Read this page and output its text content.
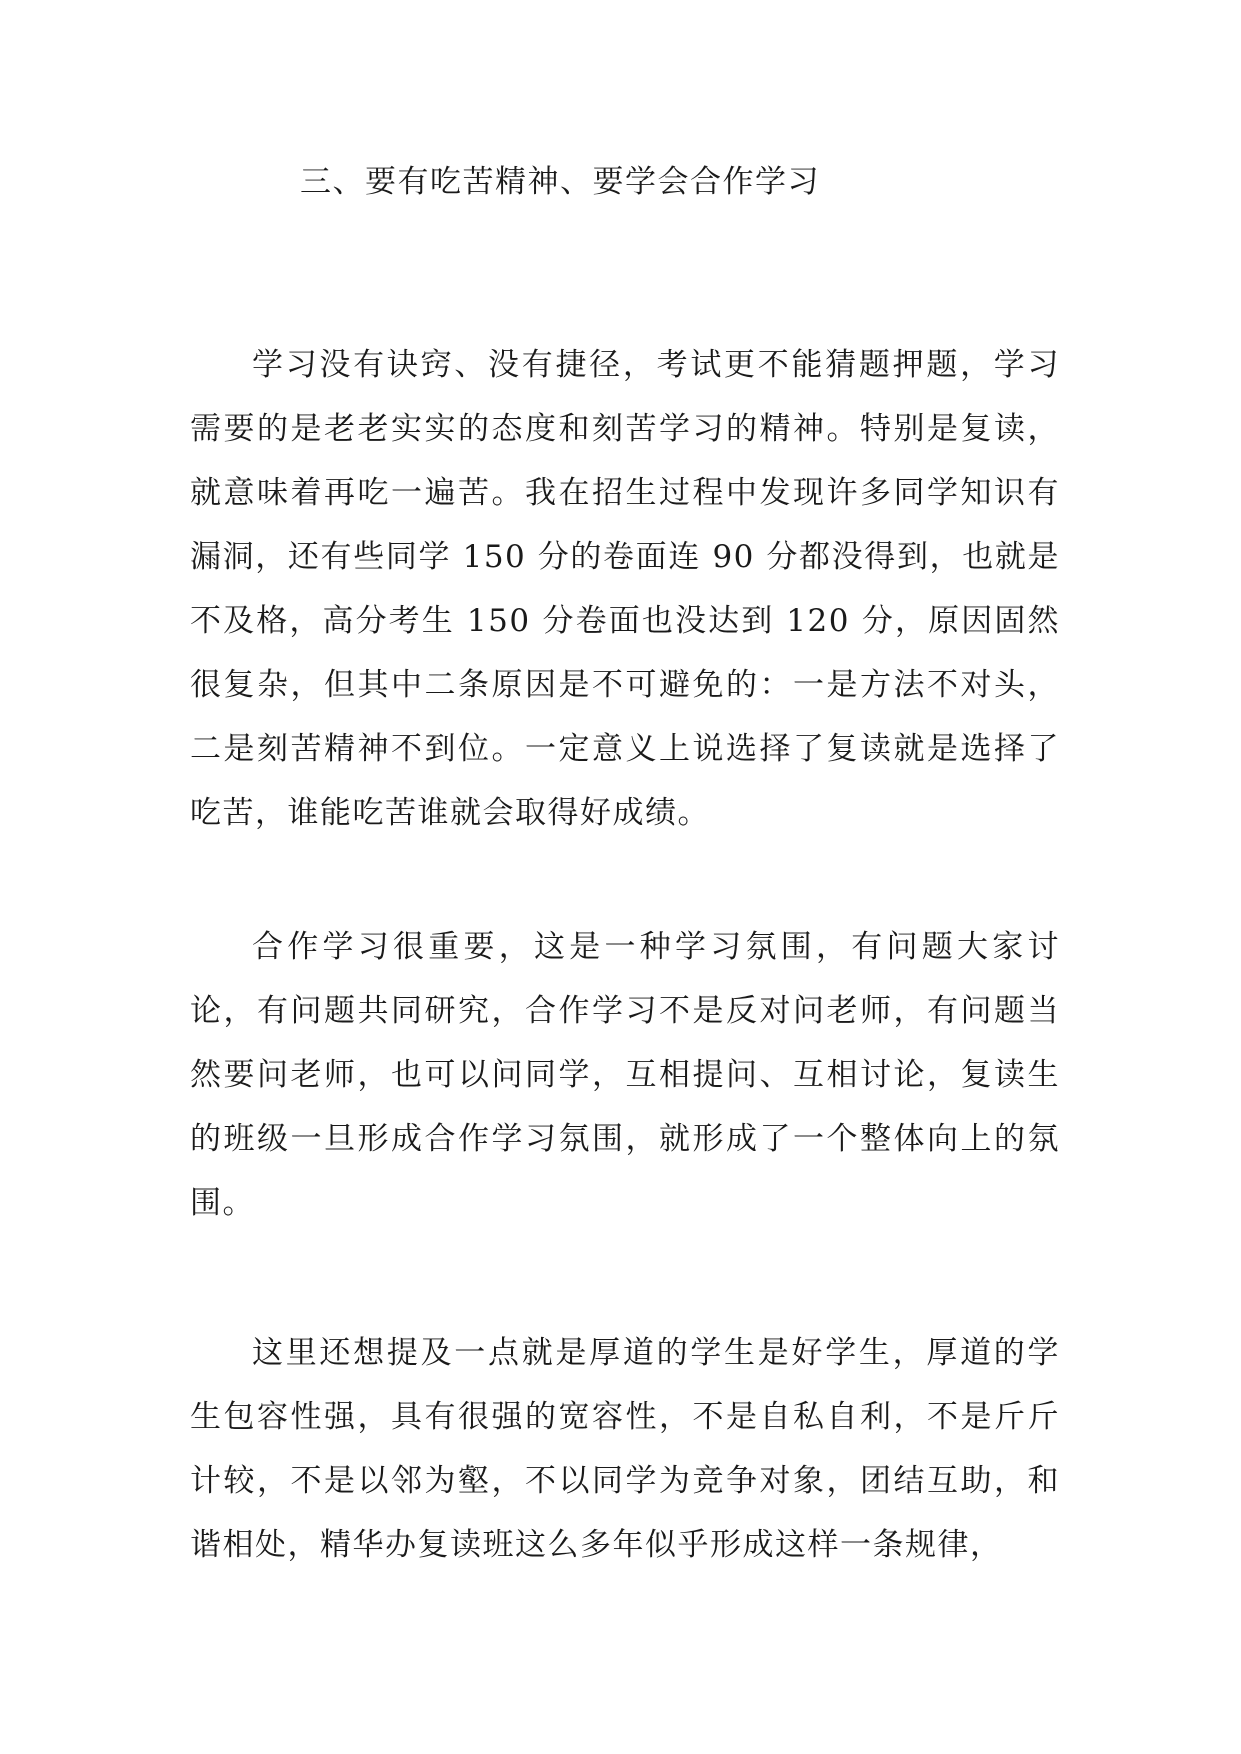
三、要有吃苦精神、要学会合作学习

学习没有诀窍、没有捷径，考试更不能猜题押题，学习需要的是老老实实的态度和刻苦学习的精神。特别是复读，就意味着再吃一遍苦。我在招生过程中发现许多同学知识有漏洞，还有些同学 150 分的卷面连 90 分都没得到，也就是不及格，高分考生 150 分卷面也没达到 120 分，原因固然很复杂，但其中二条原因是不可避免的：一是方法不对头，二是刻苦精神不到位。一定意义上说选择了复读就是选择了吃苦，谁能吃苦谁就会取得好成绩。

合作学习很重要，这是一种学习氛围，有问题大家讨论，有问题共同研究，合作学习不是反对问老师，有问题当然要问老师，也可以问同学，互相提问、互相讨论，复读生的班级一旦形成合作学习氛围，就形成了一个整体向上的氛围。

这里还想提及一点就是厚道的学生是好学生，厚道的学生包容性强，具有很强的宽容性，不是自私自利，不是斤斤计较，不是以邻为壑，不以同学为竞争对象，团结互助，和谐相处，精华办复读班这么多年似乎形成这样一条规律，
